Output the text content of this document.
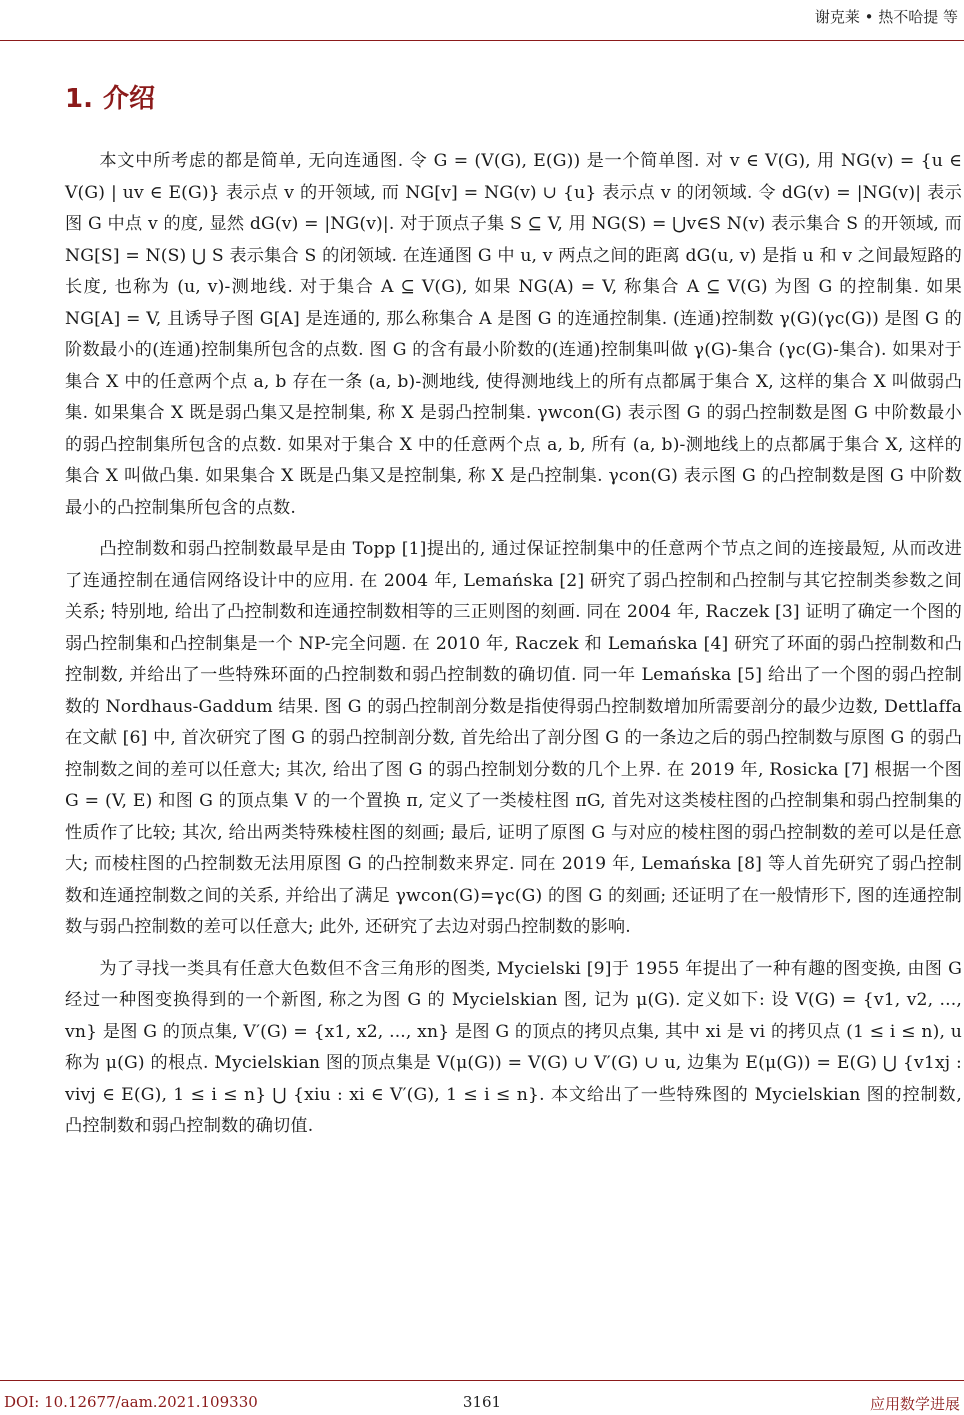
谢克莱 • 热不哈提 等
1. 介绍

本文中所考虑的都是简单, 无向连通图. 令 G = (V(G), E(G)) 是一个简单图. 对 v ∈ V(G), 用 NG(v) = {u ∈ V(G) | uv ∈ E(G)} 表示点 v 的开领域, 而 NG[v] = NG(v) ∪ {u} 表示点 v 的闭领域. 令 dG(v) = |NG(v)| 表示图 G 中点 v 的度, 显然 dG(v) = |NG(v)|. 对于顶点子集 S ⊆ V, 用 NG(S) = ⋃v∈S N(v) 表示集合 S 的开领域, 而 NG[S] = N(S) ⋃ S 表示集合 S 的闭领域. 在连通图 G 中 u, v 两点之间的距离 dG(u, v) 是指 u 和 v 之间最短路的长度, 也称为 (u, v)-测地线. 对于集合 A ⊆ V(G), 如果 NG(A) = V, 称集合 A ⊆ V(G) 为图 G 的控制集. 如果 NG[A] = V, 且诱导子图 G[A] 是连通的, 那么称集合 A 是图 G 的连通控制集. (连通)控制数 γ(G)(γc(G)) 是图 G 的阶数最小的(连通)控制集所包含的点数. 图 G 的含有最小阶数的(连通)控制集叫做 γ(G)-集合 (γc(G)-集合). 如果对于集合 X 中的任意两个点 a, b 存在一条 (a, b)-测地线, 使得测地线上的所有点都属于集合 X, 这样的集合 X 叫做弱凸集. 如果集合 X 既是弱凸集又是控制集, 称 X 是弱凸控制集. γwcon(G) 表示图 G 的弱凸控制数是图 G 中阶数最小的弱凸控制集所包含的点数. 如果对于集合 X 中的任意两个点 a, b, 所有 (a, b)-测地线上的点都属于集合 X, 这样的集合 X 叫做凸集. 如果集合 X 既是凸集又是控制集, 称 X 是凸控制集. γcon(G) 表示图 G 的凸控制数是图 G 中阶数最小的凸控制集所包含的点数.

凸控制数和弱凸控制数最早是由 Topp [1]提出的, 通过保证控制集中的任意两个节点之间的连接最短, 从而改进了连通控制在通信网络设计中的应用. 在 2004 年, Lemańska [2] 研究了弱凸控制和凸控制与其它控制类参数之间关系; 特别地, 给出了凸控制数和连通控制数相等的三正则图的刻画. 同在 2004 年, Raczek [3] 证明了确定一个图的弱凸控制集和凸控制集是一个 NP-完全问题. 在 2010 年, Raczek 和 Lemańska [4] 研究了环面的弱凸控制数和凸控制数, 并给出了一些特殊环面的凸控制数和弱凸控制数的确切值. 同一年 Lemańska [5] 给出了一个图的弱凸控制数的 Nordhaus-Gaddum 结果. 图 G 的弱凸控制剖分数是指使得弱凸控制数增加所需要剖分的最少边数, Dettlaffa 在文献 [6] 中, 首次研究了图 G 的弱凸控制剖分数, 首先给出了剖分图 G 的一条边之后的弱凸控制数与原图 G 的弱凸控制数之间的差可以任意大; 其次, 给出了图 G 的弱凸控制划分数的几个上界. 在 2019 年, Rosicka [7] 根据一个图 G = (V, E) 和图 G 的顶点集 V 的一个置换 π, 定义了一类棱柱图 πG, 首先对这类棱柱图的凸控制集和弱凸控制集的性质作了比较; 其次, 给出两类特殊棱柱图的刻画; 最后, 证明了原图 G 与对应的棱柱图的弱凸控制数的差可以是任意大; 而棱柱图的凸控制数无法用原图 G 的凸控制数来界定. 同在 2019 年, Lemańska [8] 等人首先研究了弱凸控制数和连通控制数之间的关系, 并给出了满足 γwcon(G)=γc(G) 的图 G 的刻画; 还证明了在一般情形下, 图的连通控制数与弱凸控制数的差可以任意大; 此外, 还研究了去边对弱凸控制数的影响.

为了寻找一类具有任意大色数但不含三角形的图类, Mycielski [9]于 1955 年提出了一种有趣的图变换, 由图 G 经过一种图变换得到的一个新图, 称之为图 G 的 Mycielskian 图, 记为 μ(G). 定义如下: 设 V(G) = {v1, v2, ..., vn} 是图 G 的顶点集, V′(G) = {x1, x2, ..., xn} 是图 G 的顶点的拷贝点集, 其中 xi 是 vi 的拷贝点 (1 ≤ i ≤ n), u 称为 μ(G) 的根点. Mycielskian 图的顶点集是 V(μ(G)) = V(G) ∪ V′(G) ∪ u, 边集为 E(μ(G)) = E(G) ⋃ {v1xj : vivj ∈ E(G), 1 ≤ i ≤ n} ⋃ {xiu : xi ∈ V′(G), 1 ≤ i ≤ n}. 本文给出了一些特殊图的 Mycielskian 图的控制数, 凸控制数和弱凸控制数的确切值.

DOI: 10.12677/aam.2021.109330	3161	应用数学进展
